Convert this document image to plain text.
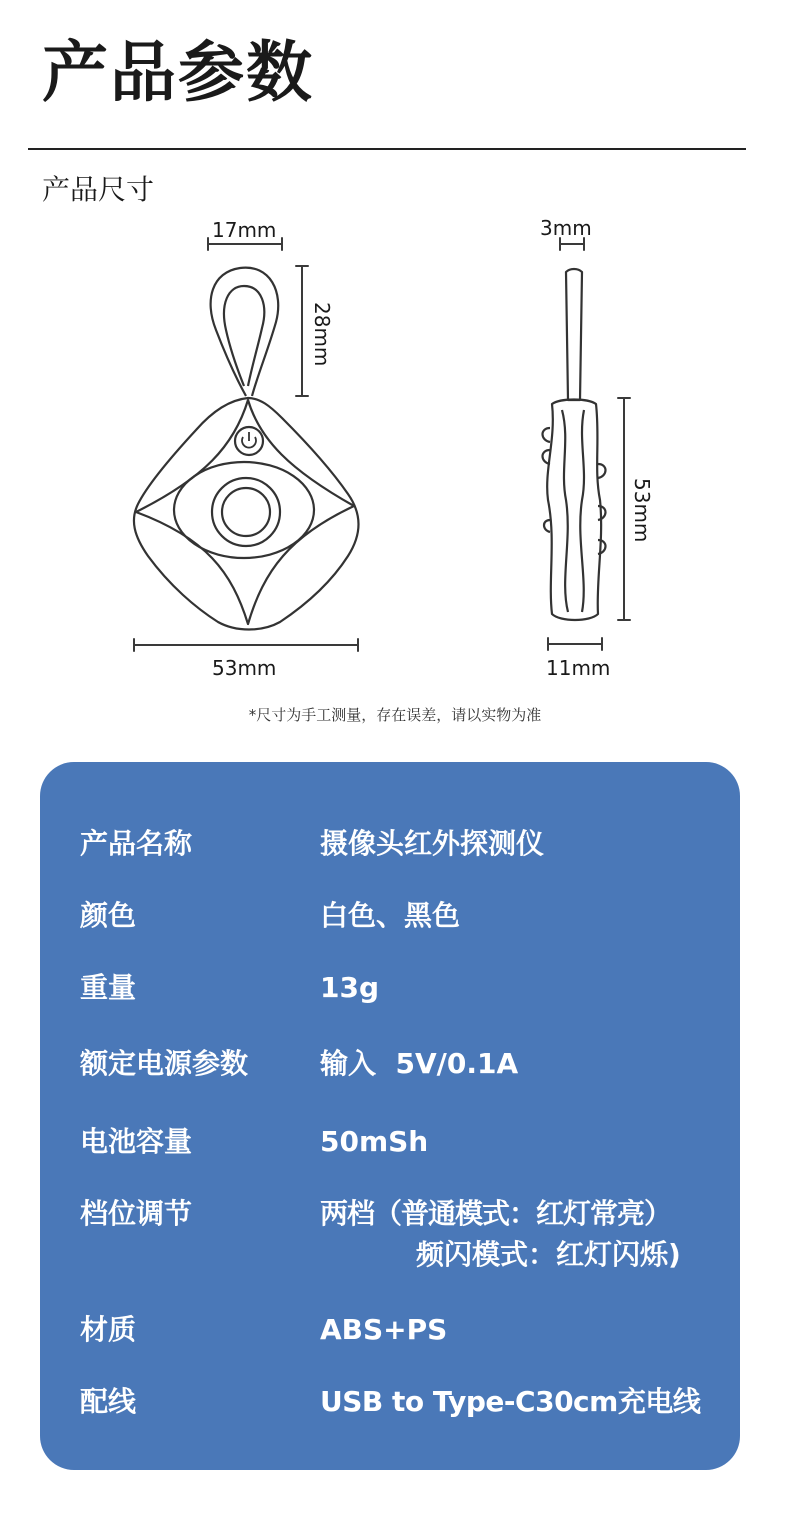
产品参数
产品尺寸
17mm
28mm
53mm
3mm
53mm
11mm
*尺寸为手工测量，存在误差，请以实物为准
产品名称	摄像头红外探测仪
颜色	白色、黑色
重量	13g
额定电源参数	输入  5V/0.1A
电池容量	50mSh
档位调节	两档（普通模式：红灯常亮）
频闪模式：红灯闪烁)
材质	ABS+PS
配线	USB to Type-C30cm充电线
